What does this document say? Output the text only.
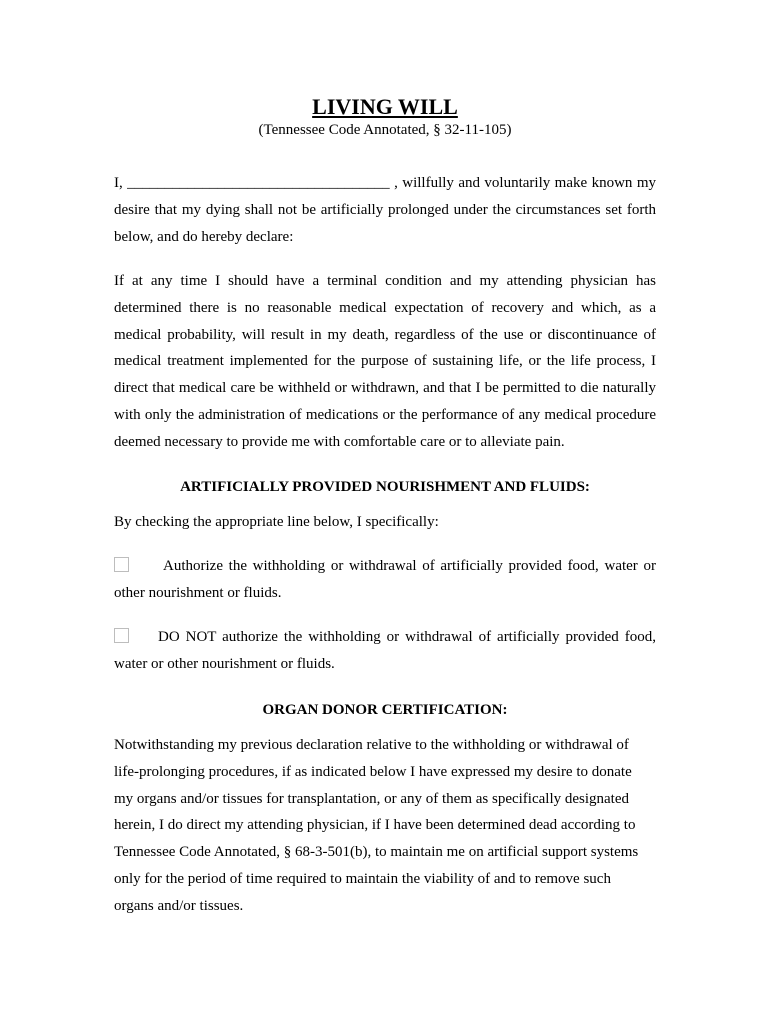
LIVING WILL

(Tennessee Code Annotated, § 32-11-105)

I, ___________________________________ , willfully and voluntarily make known my desire that my dying shall not be artificially prolonged under the circumstances set forth below, and do hereby declare:

If at any time I should have a terminal condition and my attending physician has determined there is no reasonable medical expectation of recovery and which, as a medical probability, will result in my death, regardless of the use or discontinuance of medical treatment implemented for the purpose of sustaining life, or the life process, I direct that medical care be withheld or withdrawn, and that I be permitted to die naturally with only the administration of medications or the performance of any medical procedure deemed necessary to provide me with comfortable care or to alleviate pain.

ARTIFICIALLY PROVIDED NOURISHMENT AND FLUIDS:

By checking the appropriate line below, I specifically:

Authorize the withholding or withdrawal of artificially provided food, water or other nourishment or fluids.

DO NOT authorize the withholding or withdrawal of artificially provided food, water or other nourishment or fluids.

ORGAN DONOR CERTIFICATION:

Notwithstanding my previous declaration relative to the withholding or withdrawal of
life-prolonging procedures, if as indicated below I have expressed my desire to donate
my organs and/or tissues for transplantation, or any of them as specifically designated
herein, I do direct my attending physician, if I have been determined dead according to
Tennessee Code Annotated, § 68-3-501(b), to maintain me on artificial support systems
only for the period of time required to maintain the viability of and to remove such
organs and/or tissues.
